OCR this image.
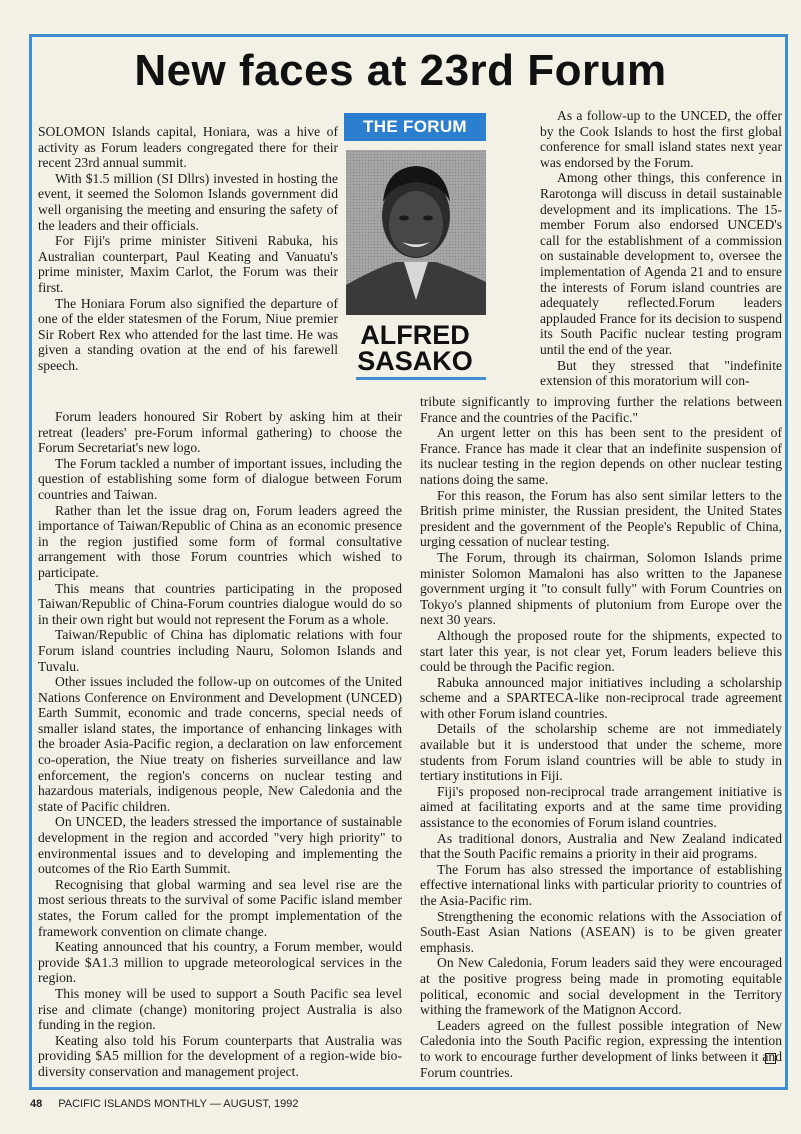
New faces at 23rd Forum

SOLOMON Islands capital, Honiara, was a hive of activity as Forum leaders congregated there for their recent 23rd annual summit.

With $1.5 million (SI Dllrs) invested in hosting the event, it seemed the Solomon Islands government did well organising the meeting and ensuring the safety of the leaders and their officials.

For Fiji's prime minister Sitiveni Rabuka, his Australian counterpart, Paul Keating and Vanuatu's prime minister, Maxim Carlot, the Forum was their first.

The Honiara Forum also signified the departure of one of the elder statesmen of the Forum, Niue premier Sir Robert Rex who attended for the last time. He was given a standing ovation at the end of his farewell speech.

THE FORUM
ALFRED
SASAKO

As a follow-up to the UNCED, the offer by the Cook Islands to host the first global conference for small island states next year was endorsed by the Forum.

Among other things, this conference in Rarotonga will discuss in detail sustainable development and its implications. The 15-member Forum also endorsed UNCED's call for the establishment of a commission on sustainable development to, oversee the implementation of Agenda 21 and to ensure the interests of Forum island countries are adequately reflected.Forum leaders applauded France for its decision to suspend its South Pacific nuclear testing program until the end of the year.

But they stressed that "indefinite extension of this moratorium will con-

Forum leaders honoured Sir Robert by asking him at their retreat (leaders' pre-Forum informal gathering) to choose the Forum Secretariat's new logo.

The Forum tackled a number of important issues, including the question of establishing some form of dialogue between Forum countries and Taiwan.

Rather than let the issue drag on, Forum leaders agreed the importance of Taiwan/Republic of China as an economic presence in the region justified some form of formal consultative arrangement with those Forum countries which wished to participate.

This means that countries participating in the proposed Taiwan/Republic of China-Forum countries dialogue would do so in their own right but would not represent the Forum as a whole.

Taiwan/Republic of China has diplomatic relations with four Forum island countries including Nauru, Solomon Islands and Tuvalu.

Other issues included the follow-up on outcomes of the United Nations Conference on Environment and Development (UNCED) Earth Summit, economic and trade concerns, special needs of smaller island states, the importance of enhancing linkages with the broader Asia-Pacific region, a declaration on law enforcement co-operation, the Niue treaty on fisheries surveillance and law enforcement, the region's concerns on nuclear testing and hazardous materials, indigenous people, New Caledonia and the state of Pacific children.

On UNCED, the leaders stressed the importance of sustainable development in the region and accorded "very high priority" to environmental issues and to developing and implementing the outcomes of the Rio Earth Summit.

Recognising that global warming and sea level rise are the most serious threats to the survival of some Pacific island member states, the Forum called for the prompt implementation of the framework convention on climate change.

Keating announced that his country, a Forum member, would provide $A1.3 million to upgrade meteorological services in the region.

This money will be used to support a South Pacific sea level rise and climate (change) monitoring project Australia is also funding in the region.

Keating also told his Forum counterparts that Australia was providing $A5 million for the development of a region-wide bio-diversity conservation and management project.

tribute significantly to improving further the relations between France and the countries of the Pacific."

An urgent letter on this has been sent to the president of France. France has made it clear that an indefinite suspension of its nuclear testing in the region depends on other nuclear testing nations doing the same.

For this reason, the Forum has also sent similar letters to the British prime minister, the Russian president, the United States president and the government of the People's Republic of China, urging cessation of nuclear testing.

The Forum, through its chairman, Solomon Islands prime minister Solomon Mamaloni has also written to the Japanese government urging it "to consult fully" with Forum Countries on Tokyo's planned shipments of plutonium from Europe over the next 30 years.

Although the proposed route for the shipments, expected to start later this year, is not clear yet, Forum leaders believe this could be through the Pacific region.

Rabuka announced major initiatives including a scholarship scheme and a SPARTECA-like non-reciprocal trade agreement with other Forum island countries.

Details of the scholarship scheme are not immediately available but it is understood that under the scheme, more students from Forum island countries will be able to study in tertiary institutions in Fiji.

Fiji's proposed non-reciprocal trade arrangement initiative is aimed at facilitating exports and at the same time providing assistance to the economies of Forum island countries.

As traditional donors, Australia and New Zealand indicated that the South Pacific remains a priority in their aid programs.

The Forum has also stressed the importance of establishing effective international links with particular priority to countries of the Asia-Pacific rim.

Strengthening the economic relations with the Association of South-East Asian Nations (ASEAN) is to be given greater emphasis.

On New Caledonia, Forum leaders said they were encouraged at the positive progress being made in promoting equitable political, economic and social development in the Territory withing the framework of the Matignon Accord.

Leaders agreed on the fullest possible integration of New Caledonia into the South Pacific region, expressing the intention to work to encourage further development of links between it and Forum countries.

48 PACIFIC ISLANDS MONTHLY — AUGUST, 1992
